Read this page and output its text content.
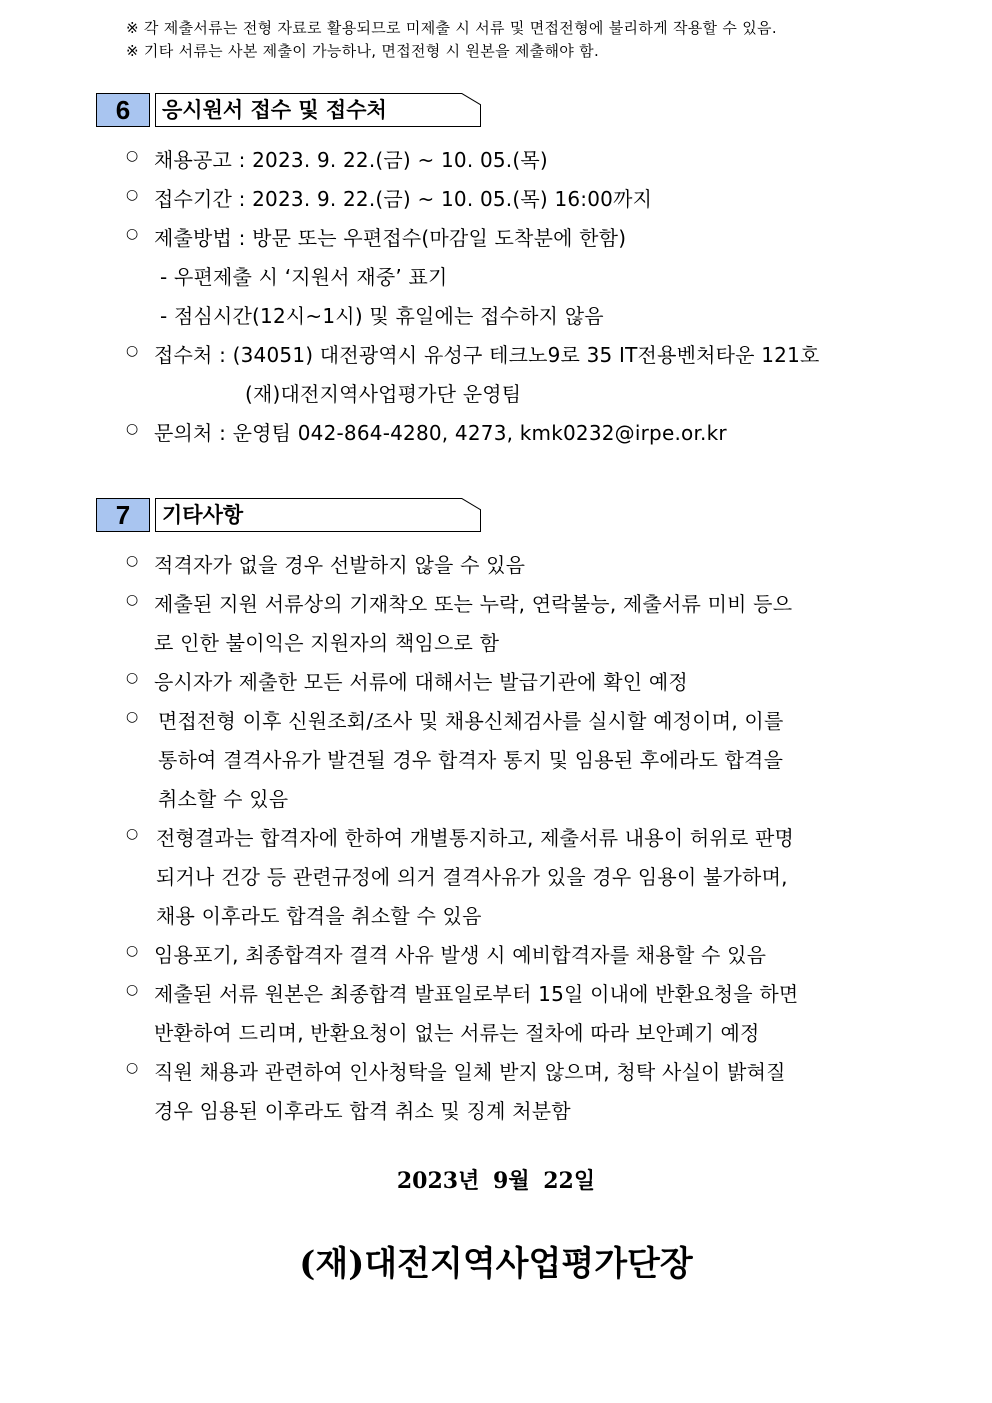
※ 각 제출서류는 전형 자료로 활용되므로 미제출 시 서류 및 면접전형에 불리하게 작용할 수 있음.
※ 기타 서류는 사본 제출이 가능하나, 면접전형 시 원본을 제출해야 함.
6	응시원서 접수 및 접수처
○ 채용공고 : 2023. 9. 22.(금) ~ 10. 05.(목)
○ 접수기간 : 2023. 9. 22.(금) ~ 10. 05.(목) 16:00까지
○ 제출방법 : 방문 또는 우편접수(마감일 도착분에 한함)
- 우편제출 시 ‘지원서 재중’ 표기
- 점심시간(12시~1시) 및 휴일에는 접수하지 않음
○ 접수처 : (34051) 대전광역시 유성구 테크노9로 35 IT전용벤처타운 121호
(재)대전지역사업평가단 운영팀
○ 문의처 : 운영팀 042-864-4280, 4273, kmk0232@irpe.or.kr
7	기타사항
○ 적격자가 없을 경우 선발하지 않을 수 있음
○ 제출된 지원 서류상의 기재착오 또는 누락, 연락불능, 제출서류 미비 등으
로 인한 불이익은 지원자의 책임으로 함
○ 응시자가 제출한 모든 서류에 대해서는 발급기관에 확인 예정
○ 면접전형 이후 신원조회/조사 및 채용신체검사를 실시할 예정이며, 이를
통하여 결격사유가 발견될 경우 합격자 통지 및 임용된 후에라도 합격을
취소할 수 있음
○ 전형결과는 합격자에 한하여 개별통지하고, 제출서류 내용이 허위로 판명
되거나 건강 등 관련규정에 의거 결격사유가 있을 경우 임용이 불가하며,
채용 이후라도 합격을 취소할 수 있음
○ 임용포기, 최종합격자 결격 사유 발생 시 예비합격자를 채용할 수 있음
○ 제출된 서류 원본은 최종합격 발표일로부터 15일 이내에 반환요청을 하면
반환하여 드리며, 반환요청이 없는 서류는 절차에 따라 보안폐기 예정
○ 직원 채용과 관련하여 인사청탁을 일체 받지 않으며, 청탁 사실이 밝혀질
경우 임용된 이후라도 합격 취소 및 징계 처분함
2023년 9월 22일
(재)대전지역사업평가단장
